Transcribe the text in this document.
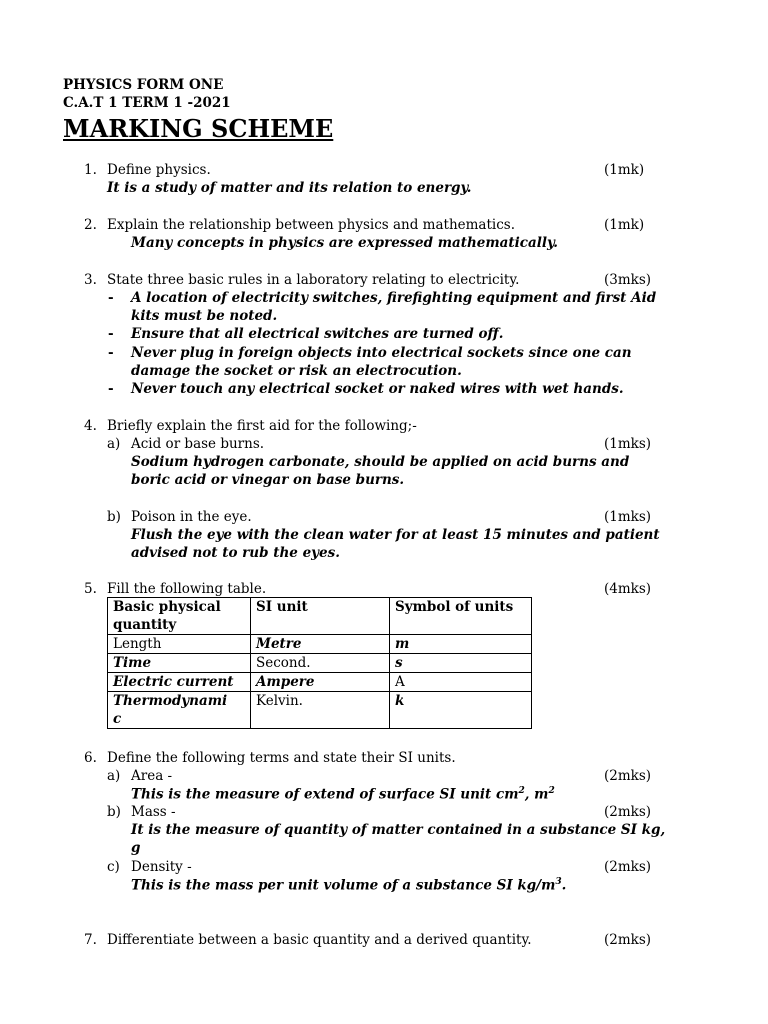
PHYSICS FORM ONE
C.A.T 1 TERM 1 -2021
MARKING SCHEME
1. Define physics.	(1mk)
It is a study of matter and its relation to energy.
2. Explain the relationship between physics and mathematics.	(1mk)
Many concepts in physics are expressed mathematically.
3. State three basic rules in a laboratory relating to electricity.	(3mks)
- A location of electricity switches, firefighting equipment and first Aid
kits must be noted.
- Ensure that all electrical switches are turned off.
- Never plug in foreign objects into electrical sockets since one can
damage the socket or risk an electrocution.
- Never touch any electrical socket or naked wires with wet hands.
4. Briefly explain the first aid for the following;-
a) Acid or base burns.	(1mks)
Sodium hydrogen carbonate, should be applied on acid burns and
boric acid or vinegar on base burns.
b) Poison in the eye.	(1mks)
Flush the eye with the clean water for at least 15 minutes and patient
advised not to rub the eyes.
5. Fill the following table.	(4mks)
Basic physical
quantity	SI unit	Symbol of units
Length	Metre	m
Time	Second.	s
Electric current	Ampere	A
Thermodynami
c	Kelvin.	k
6. Define the following terms and state their SI units.
a) Area -	(2mks)
This is the measure of extend of surface SI unit $cm^2$, $m^2$
b) Mass -	(2mks)
It is the measure of quantity of matter contained in a substance SI kg,
g
c) Density -	(2mks)
This is the mass per unit volume of a substance SI $kg/m^3$.
7. Differentiate between a basic quantity and a derived quantity.	(2mks)
